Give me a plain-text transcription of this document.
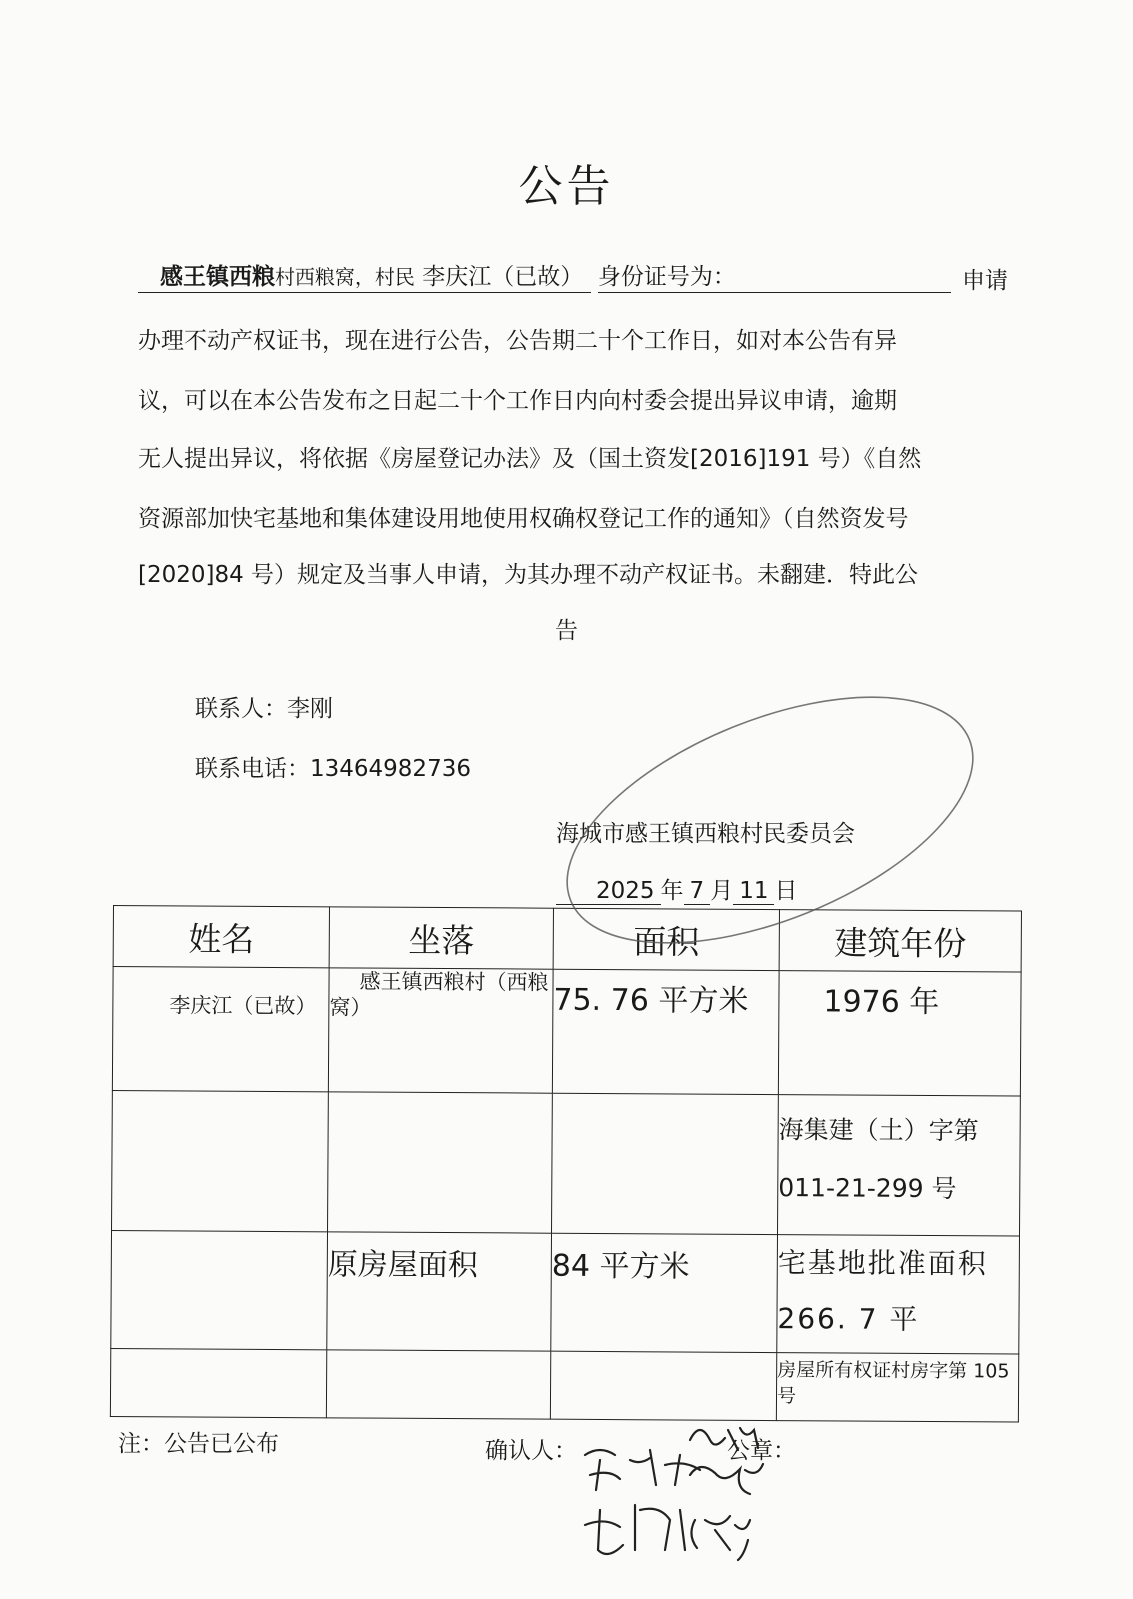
公告
感王镇西粮村西粮窝，村民 李庆江（已故） 身份证号为：	申请
办理不动产权证书，现在进行公告，公告期二十个工作日，如对本公告有异
议，可以在本公告发布之日起二十个工作日内向村委会提出异议申请，逾期
无人提出异议，将依据《房屋登记办法》及（国土资发[2016]191 号）《自然
资源部加快宅基地和集体建设用地使用权确权登记工作的通知》（自然资发号
[2020]84 号）规定及当事人申请，为其办理不动产权证书。未翻建．特此公
告
联系人：李刚
联系电话：13464982736
海城市感王镇西粮村民委员会
2025 年 7 月 11 日
姓名	坐落	面积	建筑年份
李庆江（已故）	感王镇西粮村（西粮窝）	75. 76 平方米	1976 年

			海集建（土）字第
011-21-299 号

	原房屋面积	84 平方米	宅基地批准面积 266. 7 平
			房屋所有权证村房字第 105 号
注：公告已公布	确认人：	公章：
